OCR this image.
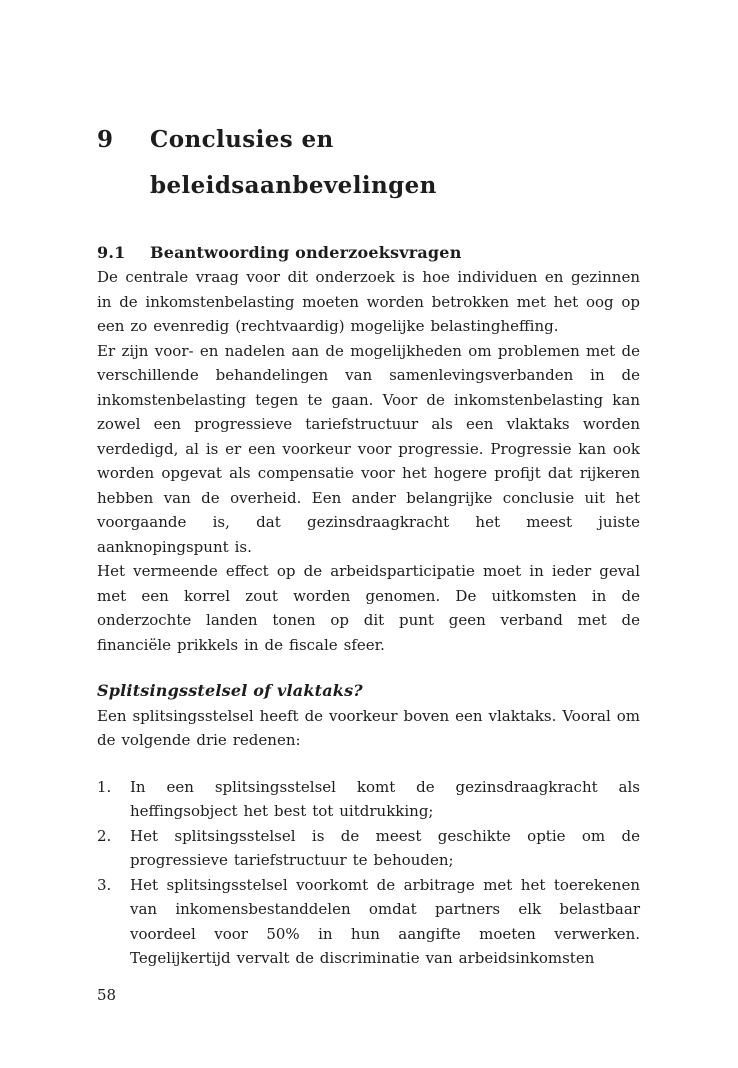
9	Conclusies en
beleidsaanbevelingen
9.1	Beantwoording onderzoeksvragen

De centrale vraag voor dit onderzoek is hoe individuen en gezinnen in de inkomstenbelasting moeten worden betrokken met het oog op een zo evenredig (rechtvaardig) mogelijke belastingheffing.

Er zijn voor- en nadelen aan de mogelijkheden om problemen met de verschillende behandelingen van samenlevingsverbanden in de inkomstenbelasting tegen te gaan. Voor de inkomstenbelasting kan zowel een progressieve tariefstructuur als een vlaktaks worden verdedigd, al is er een voorkeur voor progressie. Progressie kan ook worden opgevat als compensatie voor het hogere profijt dat rijkeren hebben van de overheid. Een ander belangrijke conclusie uit het voorgaande is, dat gezinsdraagkracht het meest juiste aanknopingspunt is.

Het vermeende effect op de arbeidsparticipatie moet in ieder geval met een korrel zout worden genomen. De uitkomsten in de onderzochte landen tonen op dit punt geen verband met de financiële prikkels in de fiscale sfeer.

Splitsingsstelsel of vlaktaks?

Een splitsingsstelsel heeft de voorkeur boven een vlaktaks. Vooral om de volgende drie redenen:

1.	In een splitsingsstelsel komt de gezinsdraagkracht als heffingsobject het best tot uitdrukking;
2.	Het splitsingsstelsel is de meest geschikte optie om de progressieve tariefstructuur te behouden;
3.	Het splitsingsstelsel voorkomt de arbitrage met het toerekenen van inkomensbestanddelen omdat partners elk belastbaar voordeel voor 50% in hun aangifte moeten verwerken. Tegelijkertijd vervalt de discriminatie van arbeidsinkomsten
58
